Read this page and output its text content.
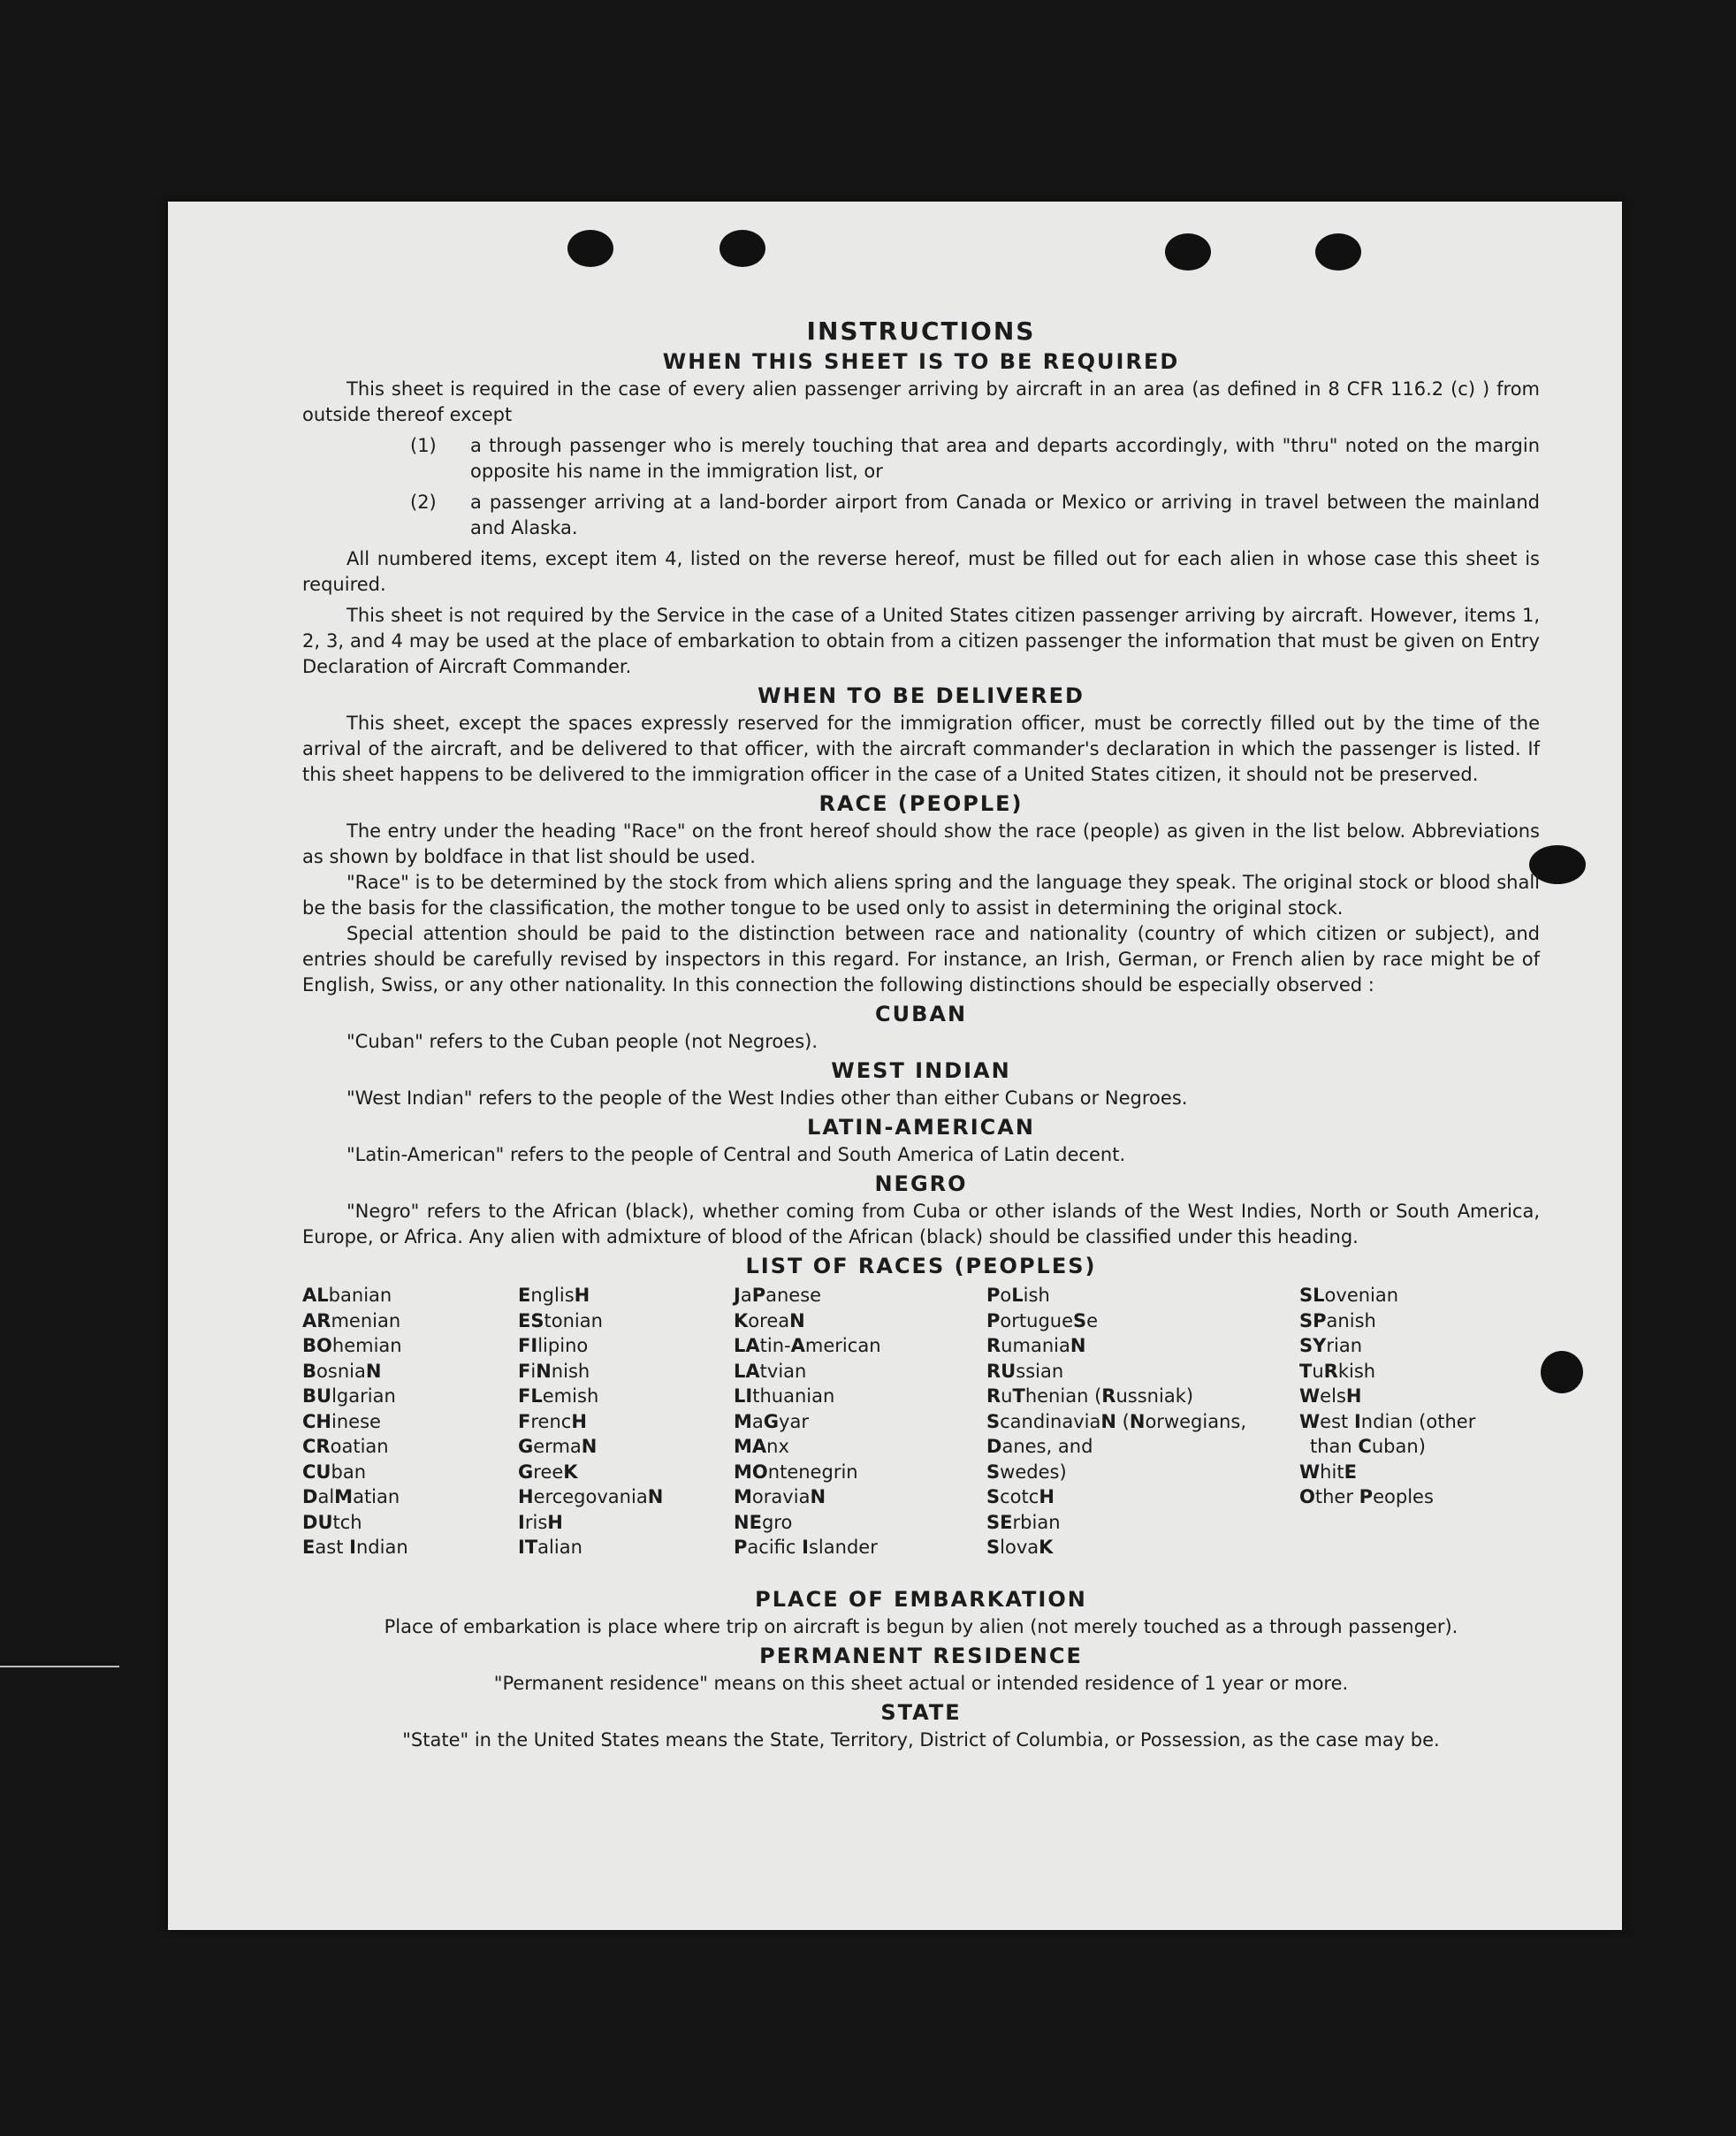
INSTRUCTIONS
WHEN THIS SHEET IS TO BE REQUIRED

This sheet is required in the case of every alien passenger arriving by aircraft in an area (as defined in 8 CFR 116.2 (c) ) from outside thereof except

(1) a through passenger who is merely touching that area and departs accordingly, with "thru" noted on the margin opposite his name in the immigration list, or
(2) a passenger arriving at a land-border airport from Canada or Mexico or arriving in travel between the mainland and Alaska.

All numbered items, except item 4, listed on the reverse hereof, must be filled out for each alien in whose case this sheet is required.

This sheet is not required by the Service in the case of a United States citizen passenger arriving by aircraft. However, items 1, 2, 3, and 4 may be used at the place of embarkation to obtain from a citizen passenger the information that must be given on Entry Declaration of Aircraft Commander.

WHEN TO BE DELIVERED

This sheet, except the spaces expressly reserved for the immigration officer, must be correctly filled out by the time of the arrival of the aircraft, and be delivered to that officer, with the aircraft commander's declaration in which the passenger is listed. If this sheet happens to be delivered to the immigration officer in the case of a United States citizen, it should not be preserved.

RACE (PEOPLE)

The entry under the heading "Race" on the front hereof should show the race (people) as given in the list below. Abbreviations as shown by boldface in that list should be used.

"Race" is to be determined by the stock from which aliens spring and the language they speak. The original stock or blood shall be the basis for the classification, the mother tongue to be used only to assist in determining the original stock.

Special attention should be paid to the distinction between race and nationality (country of which citizen or subject), and entries should be carefully revised by inspectors in this regard. For instance, an Irish, German, or French alien by race might be of English, Swiss, or any other nationality. In this connection the following distinctions should be especially observed :

CUBAN

"Cuban" refers to the Cuban people (not Negroes).

WEST INDIAN

"West Indian" refers to the people of the West Indies other than either Cubans or Negroes.

LATIN-AMERICAN

"Latin-American" refers to the people of Central and South America of Latin decent.

NEGRO

"Negro" refers to the African (black), whether coming from Cuba or other islands of the West Indies, North or South America, Europe, or Africa. Any alien with admixture of blood of the African (black) should be classified under this heading.

LIST OF RACES (PEOPLES)
ALbanian
ARmenian
BOhemian
BosniaN
BUlgarian
CHinese
CRoatian
CUban
DalMatian
DUtch
East Indian
EnglisH
EStonian
FIlipino
FiNnish
FLemish
FrencH
GermaN
GreeK
HercegovaniaN
IrisH
ITalian
JaPanese
KoreaN
LAtin-American
LAtvian
LIthuanian
MaGyar
MAnx
MOntenegrin
MoraviaN
NEgro
Pacifc Islander
PoLish
PortugueSe
RumaniaN
RUssian
RuThenian (Russniak)
ScandinaviaN (Norwegians,
Danes, and
Swedes)
ScotcH
SErbian
SlovaK
SLovenian
SPanish
SYrian
TuRkish
WelsH
West Indian (other
than Cuban)
WhitE
Other Peoples
PLACE OF EMBARKATION

Place of embarkation is place where trip on aircraft is begun by alien (not merely touched as a through passenger).

PERMANENT RESIDENCE

"Permanent residence" means on this sheet actual or intended residence of 1 year or more.

STATE

"State" in the United States means the State, Territory, District of Columbia, or Possession, as the case may be.
